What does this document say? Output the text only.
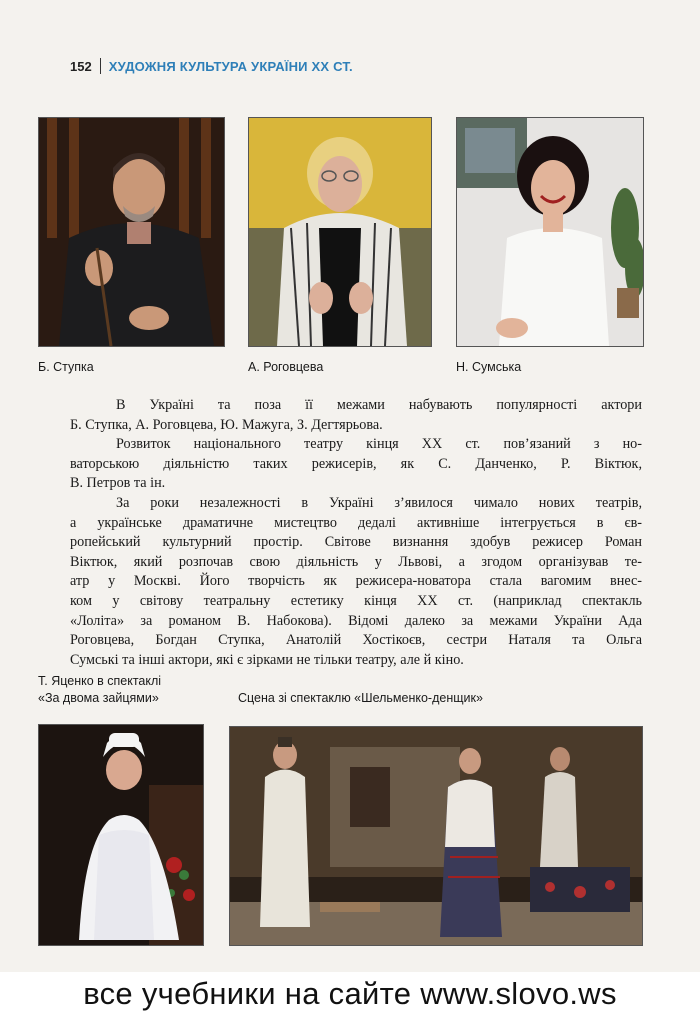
152 ХУДОЖНЯ КУЛЬТУРА УКРАЇНИ ХХ СТ.
Б. Ступка	А. Роговцева	Н. Сумська

В Україні та поза її межами набувають популярності актори
Б. Ступка, А. Роговцева, Ю. Мажуга, З. Дегтярьова.

Розвиток національного театру кінця ХХ ст. пов’язаний з но-
ваторською діяльністю таких режисерів, як С. Данченко, Р. Віктюк,
В. Петров та ін.

За роки незалежності в Україні з’явилося чимало нових театрів,
а українське драматичне мистецтво дедалі активніше інтегрується в єв-
ропейський культурний простір. Світове визнання здобув режисер Роман
Віктюк, який розпочав свою діяльність у Львові, а згодом організував те-
атр у Москві. Його творчість як режисера-новатора стала вагомим внес-
ком у світову театральну естетику кінця ХХ ст. (наприклад спектакль
«Лоліта» за романом В. Набокова). Відомі далеко за межами України Ада
Роговцева, Богдан Ступка, Анатолій Хостікоєв, сестри Наталя та Ольга
Сумські та інші актори, які є зірками не тільки театру, але й кіно.

Т. Яценко в спектаклі
«За двома зайцями»	Сцена зі спектаклю «Шельменко-денщик»
все учебники на сайте www.slovo.ws
